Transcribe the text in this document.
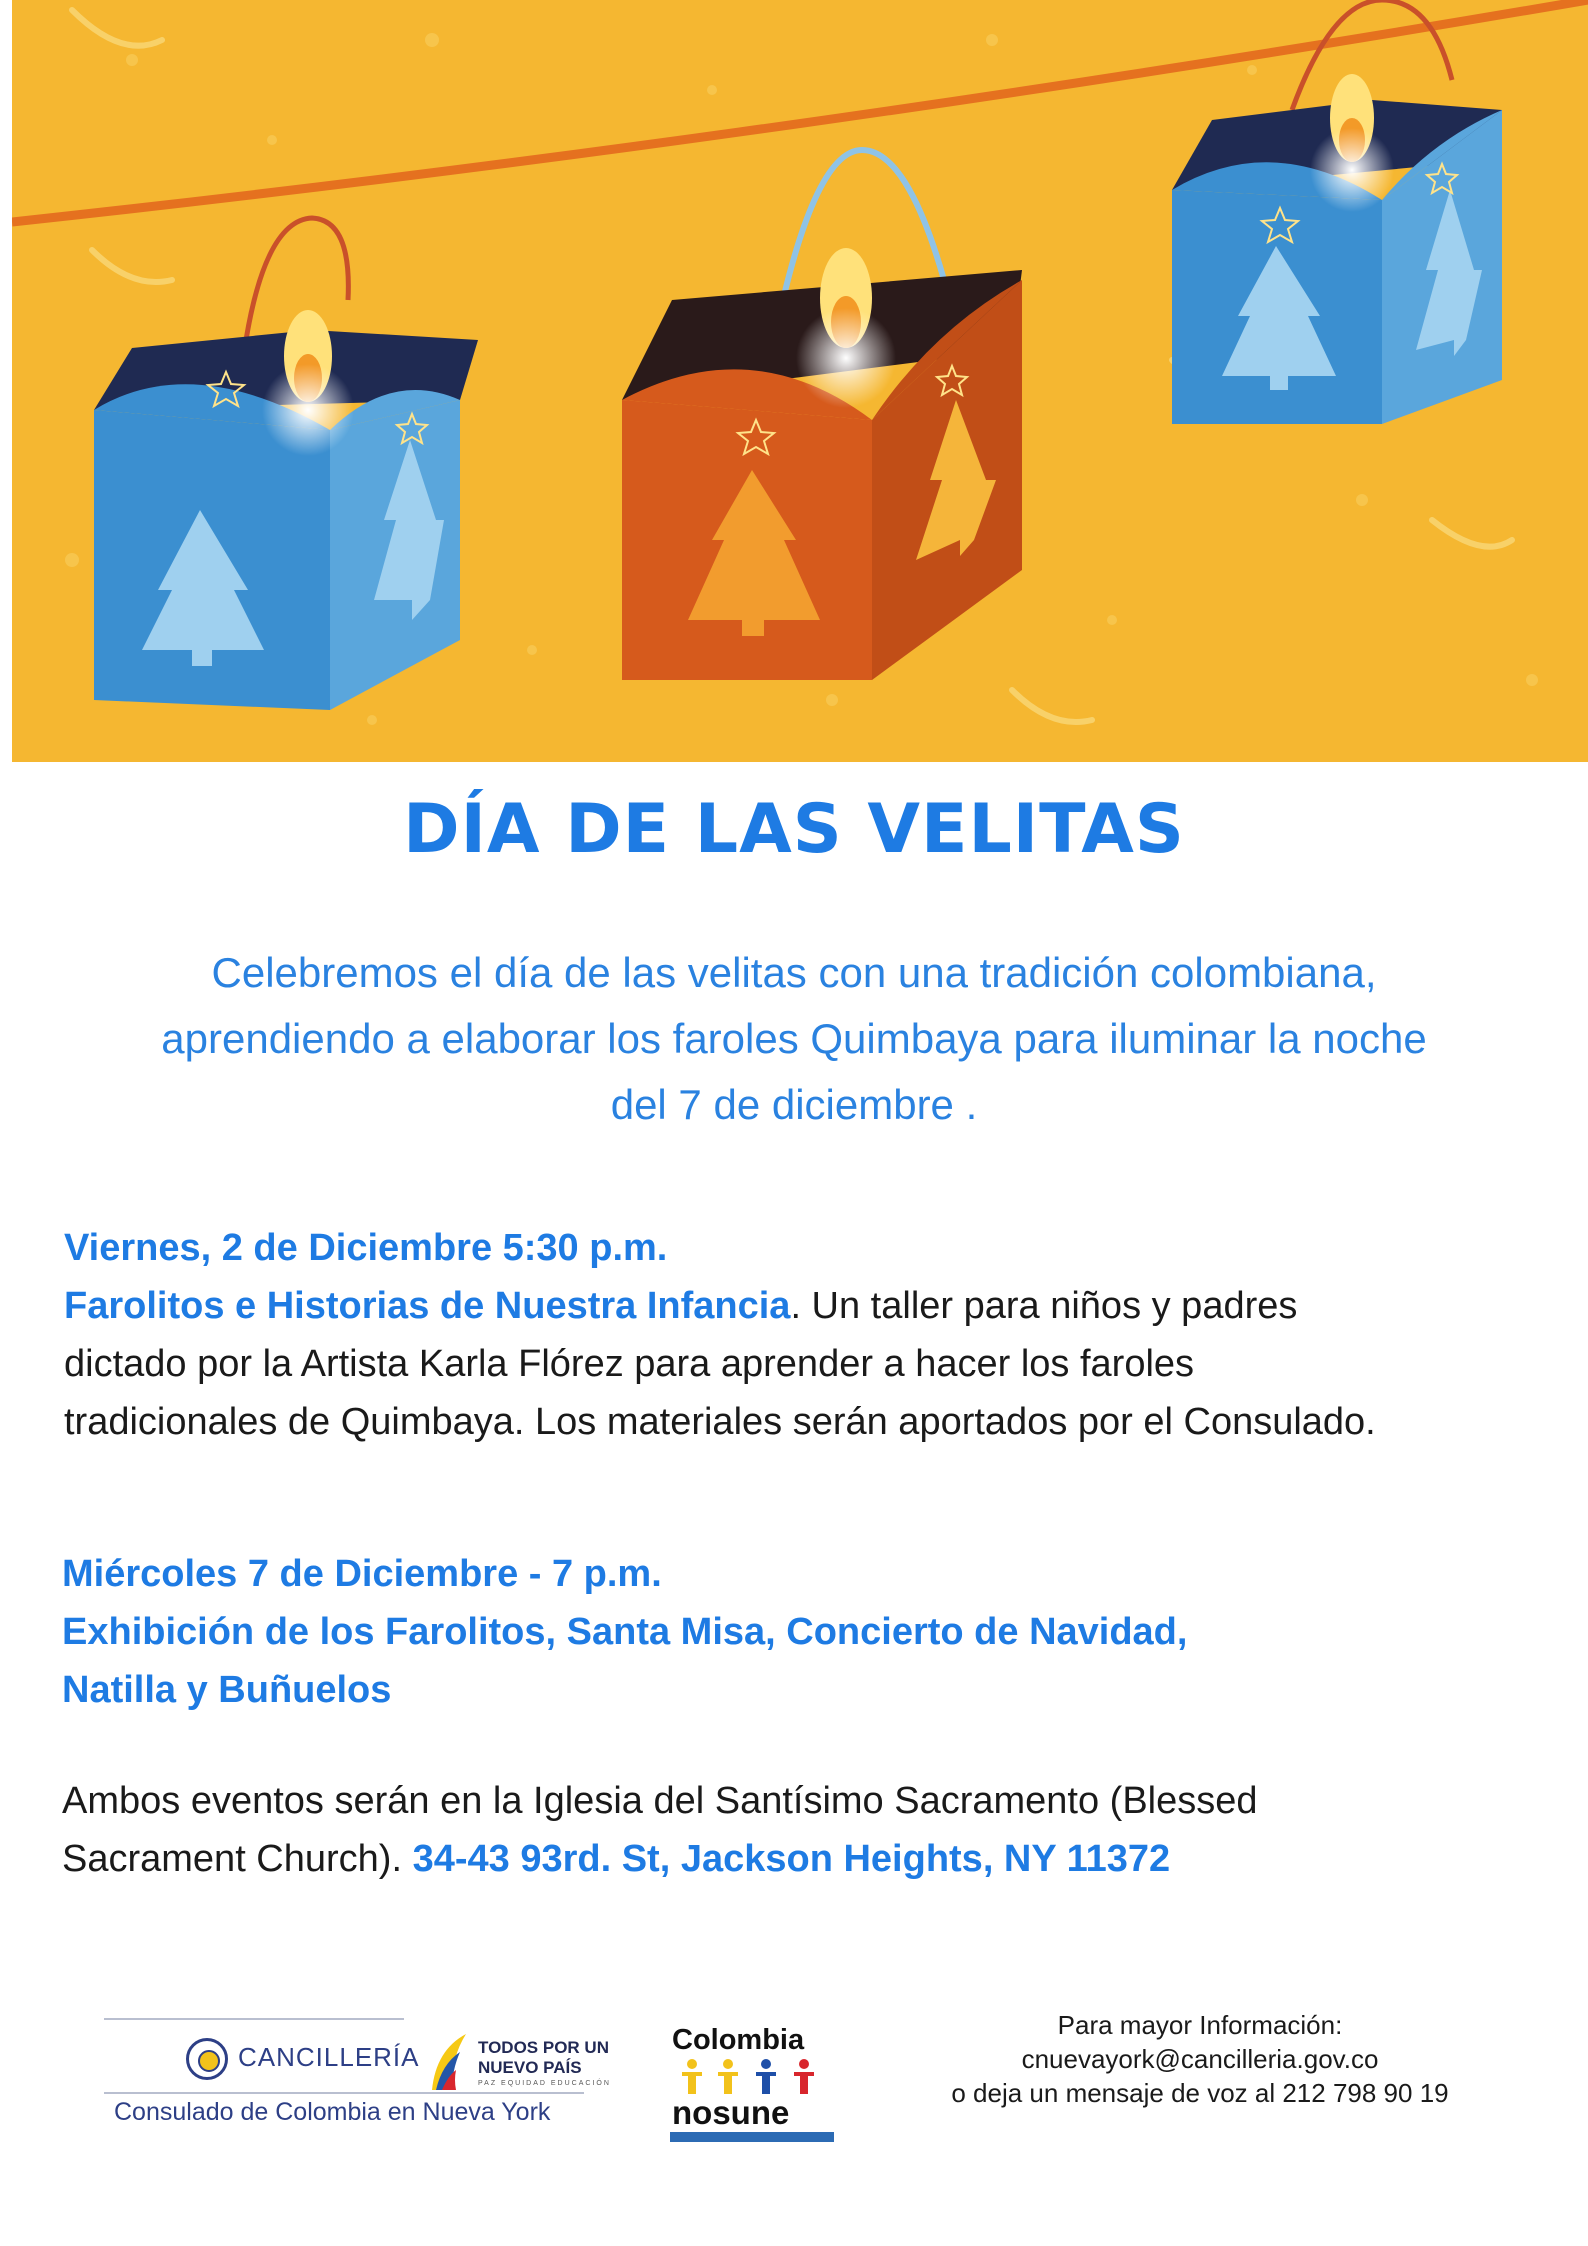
DÍA DE LAS VELITAS

Celebremos el día de las velitas con una tradición colombiana,
aprendiendo a elaborar los faroles Quimbaya para iluminar la noche
del 7 de diciembre .

Viernes, 2 de Diciembre 5:30 p.m.
Farolitos e Historias de Nuestra Infancia. Un taller para niños y padres
dictado por la Artista Karla Flórez para aprender a hacer los faroles
tradicionales de Quimbaya. Los materiales serán aportados por el Consulado.
Miércoles 7 de Diciembre - 7 p.m.
Exhibición de los Farolitos, Santa Misa, Concierto de Navidad,
Natilla y Buñuelos
Ambos eventos serán en la Iglesia del Santísimo Sacramento (Blessed
Sacrament Church). 34-43 93rd. St, Jackson Heights, NY 11372
CANCILLERÍA	TODOS POR UN
NUEVO PAÍS
PAZ EQUIDAD EDUCACIÓN
Consulado de Colombia en Nueva York
Colombia
nosune

Para mayor Información:
cnuevayork@cancilleria.gov.co
o deja un mensaje de voz al 212 798 90 19
